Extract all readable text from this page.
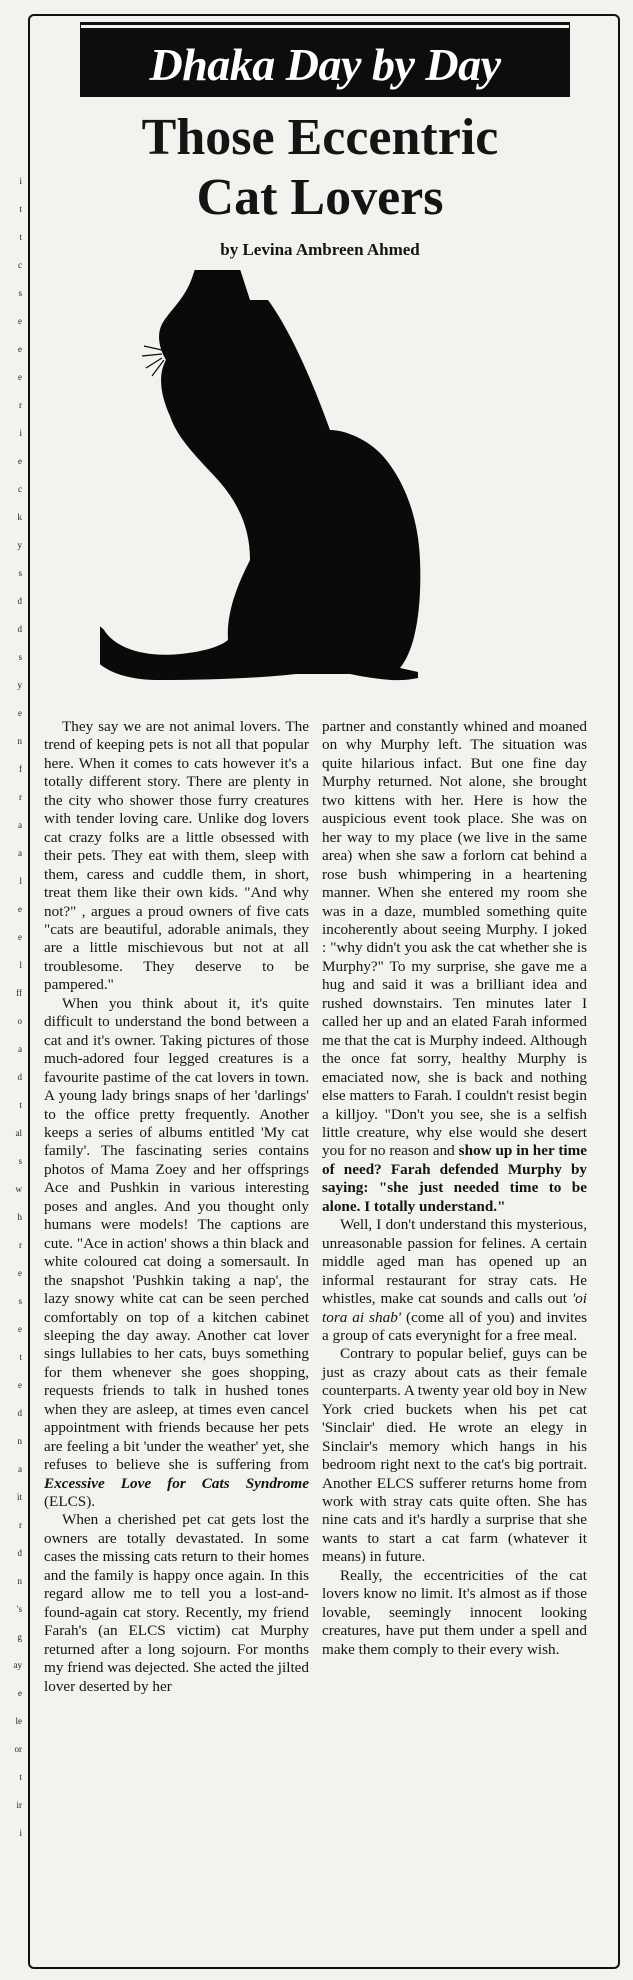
i
t
t
c
s
e
e
e
r
i
e
c
k
y
s
d
d
s
y
e
n
f
r
a
a
l
e
e
l
ff
o
a
d
t
al
s
w
h
r
e
s
e
t
e
d
n
a
it
r
d
n
's
g
ay
e
le
or
t
ir
i
Dhaka Day by Day
Those Eccentric
Cat Lovers
by Levina Ambreen Ahmed

They say we are not animal lovers. The trend of keeping pets is not all that popular here. When it comes to cats however it's a totally different story. There are plenty in the city who shower those furry creatures with tender loving care. Unlike dog lovers cat crazy folks are a little obsessed with their pets. They eat with them, sleep with them, caress and cuddle them, in short, treat them like their own kids. "And why not?" , argues a proud owners of five cats "cats are beautiful, adorable animals, they are a little mischievous but not at all troublesome. They deserve to be pampered."

When you think about it, it's quite difficult to understand the bond between a cat and it's owner. Taking pictures of those much-adored four legged creatures is a favourite pastime of the cat lovers in town. A young lady brings snaps of her 'darlings' to the office pretty frequently. Another keeps a series of albums entitled 'My cat family'. The fascinating series contains photos of Mama Zoey and her offsprings Ace and Pushkin in various interesting poses and angles. And you thought only humans were models! The captions are cute. "Ace in action' shows a thin black and white coloured cat doing a somersault. In the snapshot 'Pushkin taking a nap', the lazy snowy white cat can be seen perched comfortably on top of a kitchen cabinet sleeping the day away. Another cat lover sings lullabies to her cats, buys something for them whenever she goes shopping, requests friends to talk in hushed tones when they are asleep, at times even cancel appointment with friends because her pets are feeling a bit 'under the weather' yet, she refuses to believe she is suffering from Excessive Love for Cats Syndrome (ELCS).

When a cherished pet cat gets lost the owners are totally devastated. In some cases the missing cats return to their homes and the family is happy once again. In this regard allow me to tell you a lost-and-found-again cat story. Recently, my friend Farah's (an ELCS victim) cat Murphy returned after a long sojourn. For months my friend was dejected. She acted the jilted lover deserted by her

partner and constantly whined and moaned on why Murphy left. The situation was quite hilarious infact. But one fine day Murphy returned. Not alone, she brought two kittens with her. Here is how the auspicious event took place. She was on her way to my place (we live in the same area) when she saw a forlorn cat behind a rose bush whimpering in a heartening manner. When she entered my room she was in a daze, mumbled something quite incoherently about seeing Murphy. I joked : "why didn't you ask the cat whether she is Murphy?" To my surprise, she gave me a hug and said it was a brilliant idea and rushed downstairs. Ten minutes later I called her up and an elated Farah informed me that the cat is Murphy indeed. Although the once fat sorry, healthy Murphy is emaciated now, she is back and nothing else matters to Farah. I couldn't resist begin a killjoy. "Don't you see, she is a selfish little creature, why else would she desert you for no reason and show up in her time of need? Farah defended Murphy by saying: "she just needed time to be alone. I totally understand."

Well, I don't understand this mysterious, unreasonable passion for felines. A certain middle aged man has opened up an informal restaurant for stray cats. He whistles, make cat sounds and calls out 'oi tora ai shab' (come all of you) and invites a group of cats everynight for a free meal.

Contrary to popular belief, guys can be just as crazy about cats as their female counterparts. A twenty year old boy in New York cried buckets when his pet cat 'Sinclair' died. He wrote an elegy in Sinclair's memory which hangs in his bedroom right next to the cat's big portrait. Another ELCS sufferer returns home from work with stray cats quite often. She has nine cats and it's hardly a surprise that she wants to start a cat farm (whatever it means) in future.

Really, the eccentricities of the cat lovers know no limit. It's almost as if those lovable, seemingly innocent looking creatures, have put them under a spell and make them comply to their every wish.
